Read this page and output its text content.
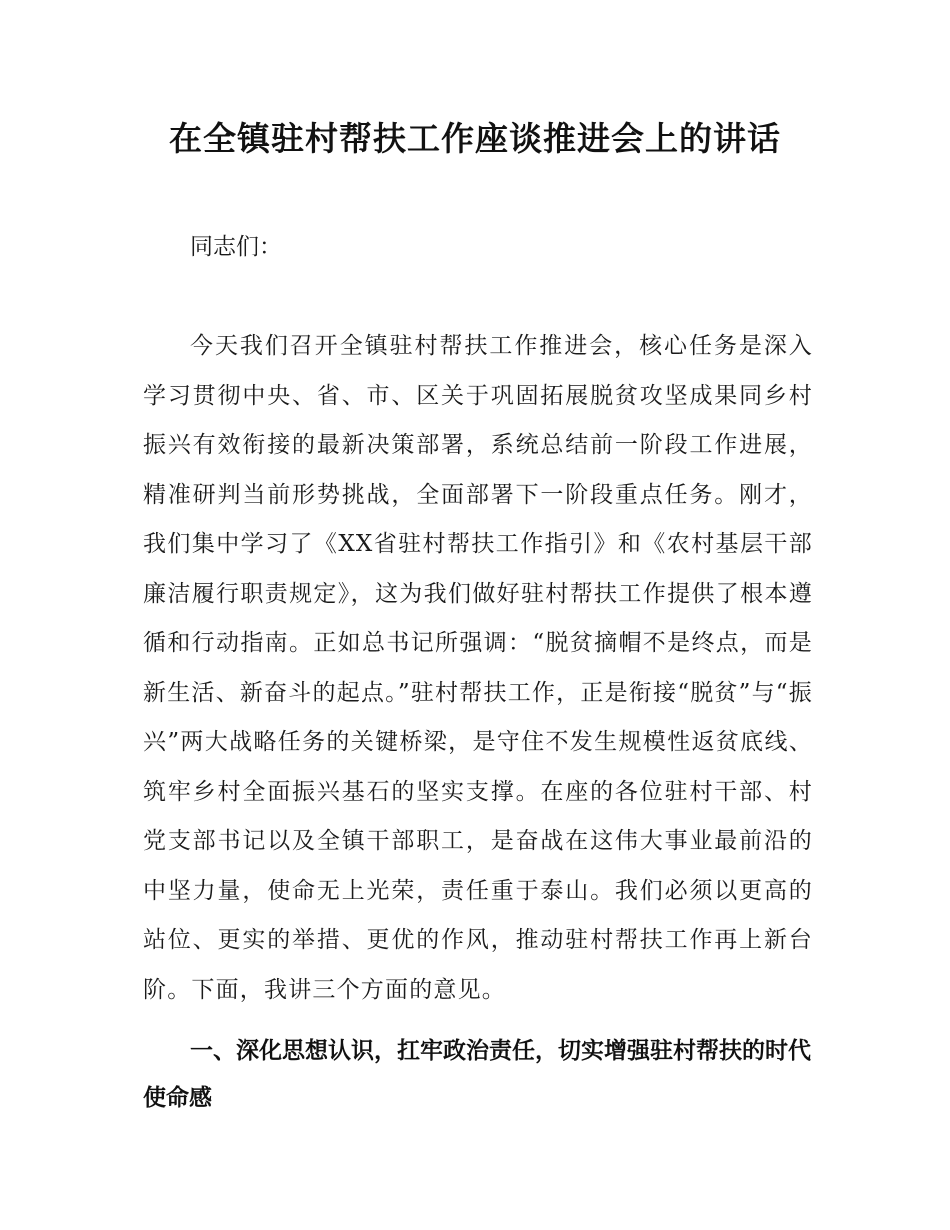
在全镇驻村帮扶工作座谈推进会上的讲话

同志们：

今天我们召开全镇驻村帮扶工作推进会，核心任务是深入学习贯彻中央、省、市、区关于巩固拓展脱贫攻坚成果同乡村振兴有效衔接的最新决策部署，系统总结前一阶段工作进展，精准研判当前形势挑战，全面部署下一阶段重点任务。刚才，我们集中学习了《XX省驻村帮扶工作指引》和《农村基层干部廉洁履行职责规定》，这为我们做好驻村帮扶工作提供了根本遵循和行动指南。正如总书记所强调：“脱贫摘帽不是终点，而是新生活、新奋斗的起点。”驻村帮扶工作，正是衔接“脱贫”与“振兴”两大战略任务的关键桥梁，是守住不发生规模性返贫底线、筑牢乡村全面振兴基石的坚实支撑。在座的各位驻村干部、村党支部书记以及全镇干部职工，是奋战在这伟大事业最前沿的中坚力量，使命无上光荣，责任重于泰山。我们必须以更高的站位、更实的举措、更优的作风，推动驻村帮扶工作再上新台阶。下面，我讲三个方面的意见。

一、深化思想认识，扛牢政治责任，切实增强驻村帮扶的时代使命感
